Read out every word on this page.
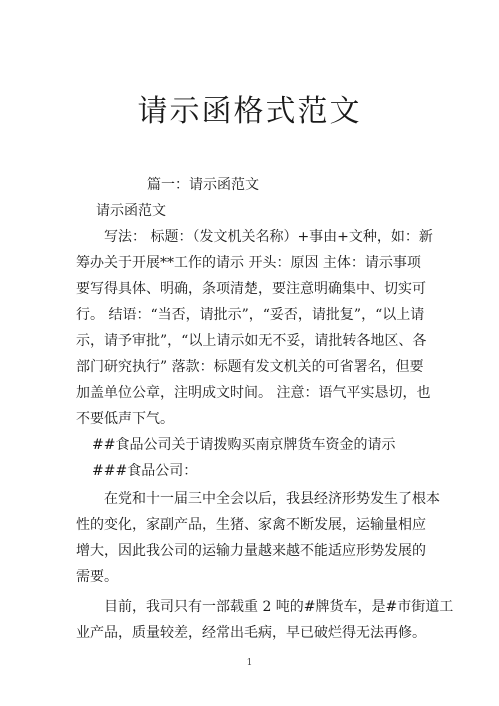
请示函格式范文
篇一：请示函范文
请示函范文
写法： 标题：（发文机关名称）+事由+文种，如：新
筹办关于开展**工作的请示 开头：原因 主体：请示事项
要写得具体、明确，条项清楚，要注意明确集中、切实可
行。 结语：“当否，请批示”，“妥否，请批复”，“以上请
示，请予审批”，“以上请示如无不妥，请批转各地区、各
部门研究执行” 落款：标题有发文机关的可省署名，但要
加盖单位公章，注明成文时间。 注意：语气平实恳切，也
不要低声下气。
##食品公司关于请拨购买南京牌货车资金的请示
###食品公司：
在党和十一届三中全会以后，我县经济形势发生了根本
性的变化，家副产品，生猪、家禽不断发展，运输量相应
增大，因此我公司的运输力量越来越不能适应形势发展的
需要。
目前，我司只有一部载重 2 吨的#牌货车，是#市街道工
业产品，质量较差，经常出毛病，早已破烂得无法再修。
1
